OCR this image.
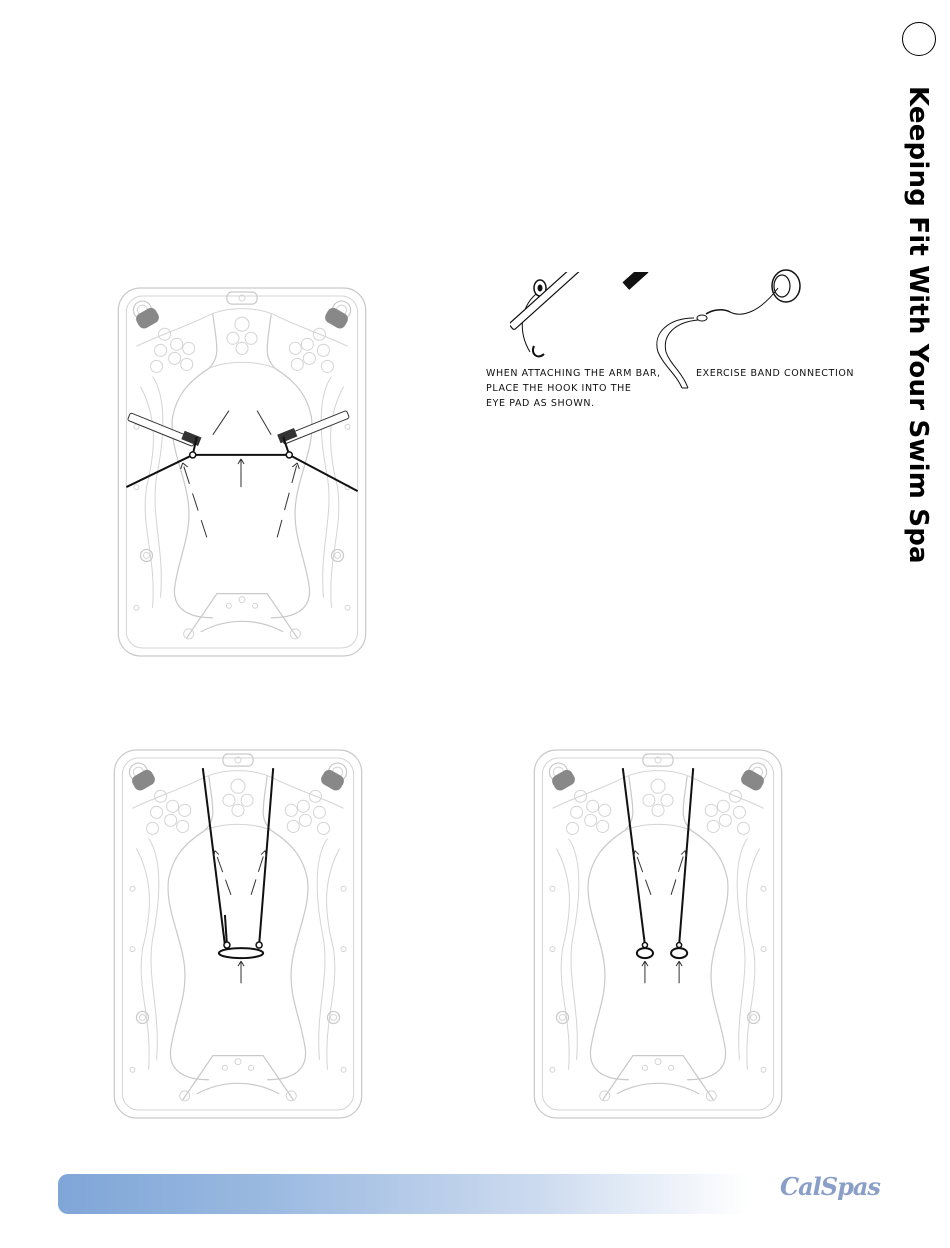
Keeping Fit With Your Swim Spa
WHEN ATTACHING THE ARM BAR,
PLACE THE HOOK INTO THE
EYE PAD AS SHOWN.
EXERCISE BAND CONNECTION
CalSpas
